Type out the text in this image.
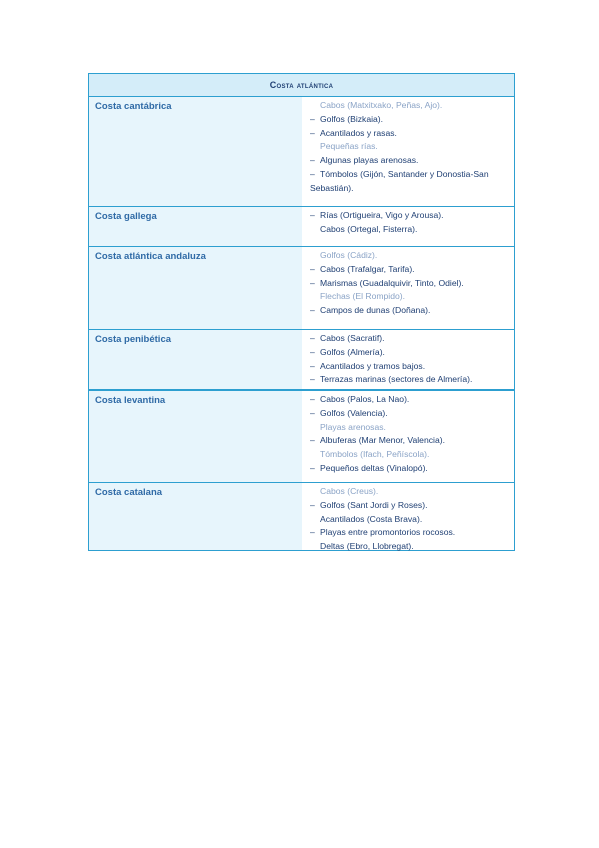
Costa atlántica
Costa cantábrica	Cabos (Matxitxako, Peñas, Ajo).
– Golfos (Bizkaia).
– Acantilados y rasas.
Pequeñas rías.
– Algunas playas arenosas.
– Tómbolos (Gijón, Santander y Donostia-San Sebastián).
Costa gallega	– Rías (Ortigueira, Vigo y Arousa).
Cabos (Ortegal, Fisterra).
Costa atlántica andaluza	Golfos (Cádiz).
– Cabos (Trafalgar, Tarifa).
– Marismas (Guadalquivir, Tinto, Odiel).
Flechas (El Rompido).
– Campos de dunas (Doñana).
Costa penibética	– Cabos (Sacratif).
– Golfos (Almería).
– Acantilados y tramos bajos.
– Terrazas marinas (sectores de Almería).
Costa levantina	– Cabos (Palos, La Nao).
– Golfos (Valencia).
Playas arenosas.
– Albuferas (Mar Menor, Valencia).
Tómbolos (Ifach, Peñíscola).
– Pequeños deltas (Vinalopó).
Costa catalana	Cabos (Creus).
– Golfos (Sant Jordi y Roses).
Acantilados (Costa Brava).
– Playas entre promontorios rocosos.
Deltas (Ebro, Llobregat).
